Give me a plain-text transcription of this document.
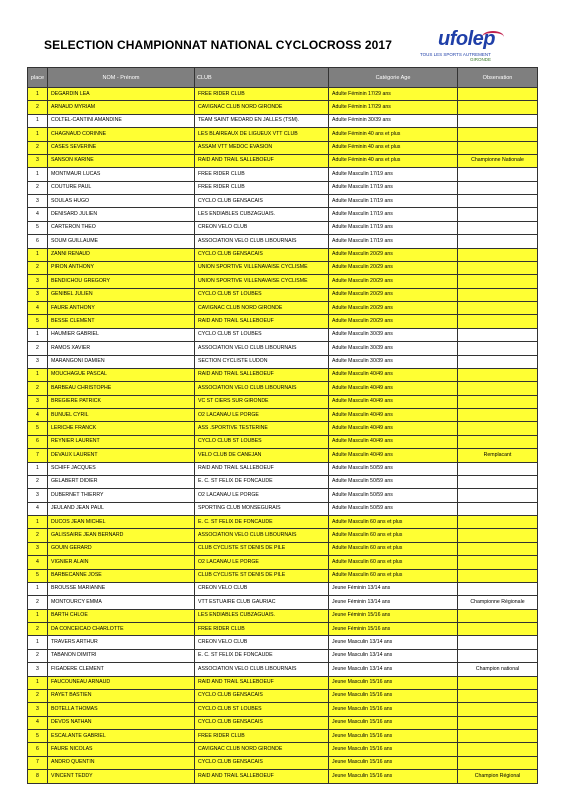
SELECTION CHAMPIONNAT NATIONAL CYCLOCROSS 2017	ufolep
TOUS LES SPORTS AUTREMENT
GIRONDE
place	NOM - Prénom	CLUB	Catégorie Age	Observation
1	DEGARDIN LEA	FREE RIDER CLUB	Adulte Féminin 17/29 ans	
2	ARNAUD MYRIAM	CAVIGNAC CLUB NORD GIRONDE	Adulte Féminin 17/29 ans	
1	COLTEL-CANTINI AMANDINE	TEAM SAINT MEDARD EN JALLES (TSM).	Adulte Féminin 30/39 ans	
1	CHAGNAUD CORINNE	LES BLAIREAUX DE LIGUEUX VTT CLUB	Adulte Féminin 40 ans et plus	
2	CASES SEVERINE	ASSAM VTT MEDOC EVASION	Adulte Féminin 40 ans et plus	
3	SANSON KARINE	RAID AND TRAIL SALLEBOEUF	Adulte Féminin 40 ans et plus	Championne Nationale
1	MONTMAUR LUCAS	FREE RIDER CLUB	Adulte Masculin 17/19 ans	
2	COUTURE PAUL	FREE RIDER CLUB	Adulte Masculin 17/19 ans	
3	SOULAS HUGO	CYCLO CLUB GENSACAIS	Adulte Masculin 17/19 ans	
4	DENISARD JULIEN	LES ENDIABLES CUBZAGUAIS.	Adulte Masculin 17/19 ans	
5	CARTERON THEO	CREON VELO CLUB	Adulte Masculin 17/19 ans	
6	SOUM GUILLAUME	ASSOCIATION VELO CLUB LIBOURNAIS	Adulte Masculin 17/19 ans	
1	ZANNI RENAUD	CYCLO CLUB GENSACAIS	Adulte Masculin 20/29 ans	
2	PIRON ANTHONY	UNION SPORTIVE VILLENAVAISE CYCLISME	Adulte Masculin 20/29 ans	
3	BENDICHOU GREGORY	UNION SPORTIVE VILLENAVAISE CYCLISME	Adulte Masculin 20/29 ans	
3	GENIBEL JULIEN	CYCLO CLUB ST LOUBES	Adulte Masculin 20/29 ans	
4	FAURE ANTHONY	CAVIGNAC CLUB NORD GIRONDE	Adulte Masculin 20/29 ans	
5	BESSE CLEMENT	RAID AND TRAIL SALLEBOEUF	Adulte Masculin 20/29 ans	
1	HAUMIER GABRIEL	CYCLO CLUB ST LOUBES	Adulte Masculin 30/39 ans	
2	RAMOS XAVIER	ASSOCIATION VELO CLUB LIBOURNAIS	Adulte Masculin 30/39 ans	
3	MARANGONI DAMIEN	SECTION CYCLISTE LUDON	Adulte Masculin 30/39 ans	
1	MOUCHAGUE PASCAL	RAID AND TRAIL SALLEBOEUF	Adulte Masculin 40/49 ans	
2	BARBEAU CHRISTOPHE	ASSOCIATION VELO CLUB LIBOURNAIS	Adulte Masculin 40/49 ans	
3	BREGIERE PATRICK	VC ST CIERS SUR GIRONDE	Adulte Masculin 40/49 ans	
4	BUNUEL CYRIL	O2 LACANAU LE PORGE	Adulte Masculin 40/49 ans	
5	LERICHE FRANCK	ASS .SPORTIVE TESTERINE	Adulte Masculin 40/49 ans	
6	REYNIER LAURENT	CYCLO CLUB ST LOUBES	Adulte Masculin 40/49 ans	
7	DEVAUX LAURENT	VELO CLUB DE CANEJAN	Adulte Masculin 40/49 ans	Remplacant
1	SCHIFF JACQUES	RAID AND TRAIL SALLEBOEUF	Adulte Masculin 50/59 ans	
2	GELABERT DIDIER	E. C. ST FELIX DE FONCAUDE	Adulte Masculin 50/59 ans	
3	DUBERNET THIERRY	O2 LACANAU LE PORGE	Adulte Masculin 50/59 ans	
4	JEULAND JEAN PAUL	SPORTING CLUB MONSEGURAIS	Adulte Masculin 50/59 ans	
1	DUCOS JEAN MICHEL	E. C. ST FELIX DE FONCAUDE	Adulte Masculin 60 ans et plus	
2	GALISSAIRE JEAN BERNARD	ASSOCIATION VELO CLUB LIBOURNAIS	Adulte Masculin 60 ans et plus	
3	GOUIN GERARD	CLUB CYCLISTE ST DENIS DE PILE	Adulte Masculin 60 ans et plus	
4	VIGNIER ALAIN	O2 LACANAU LE PORGE	Adulte Masculin 60 ans et plus	
5	BARBECANNE JOSE	CLUB CYCLISTE ST DENIS DE PILE	Adulte Masculin 60 ans et plus	
1	BROUSSE MARIANNE	CREON VELO CLUB	Jeune Féminin 13/14 ans	
2	MONTOURCY EMMA	VTT ESTUAIRE CLUB GAURIAC	Jeune Féminin 13/14 ans	Championne Régionale
1	BARTH CHLOE	LES ENDIABLES CUBZAGUAIS.	Jeune Féminin 15/16 ans	
2	DA CONCEICAO CHARLOTTE	FREE RIDER CLUB	Jeune Féminin 15/16 ans	
1	TRAVERS ARTHUR	CREON VELO CLUB	Jeune Masculin 13/14 ans	
2	TABANON DIMITRI	E. C. ST FELIX DE FONCAUDE	Jeune Masculin 13/14 ans	
3	FIGADERE CLEMENT	ASSOCIATION VELO CLUB LIBOURNAIS	Jeune Masculin 13/14 ans	Champion national
1	FAUCOUNEAU ARNAUD	RAID AND TRAIL SALLEBOEUF	Jeune Masculin 15/16 ans	
2	RAYET BASTIEN	CYCLO CLUB GENSACAIS	Jeune Masculin 15/16 ans	
3	BOTELLA THOMAS	CYCLO CLUB ST LOUBES	Jeune Masculin 15/16 ans	
4	DEVOS NATHAN	CYCLO CLUB GENSACAIS	Jeune Masculin 15/16 ans	
5	ESCALANTE GABRIEL	FREE RIDER CLUB	Jeune Masculin 15/16 ans	
6	FAURE NICOLAS	CAVIGNAC CLUB NORD GIRONDE	Jeune Masculin 15/16 ans	
7	ANDRO QUENTIN	CYCLO CLUB GENSACAIS	Jeune Masculin 15/16 ans	
8	VINCENT TEDDY	RAID AND TRAIL SALLEBOEUF	Jeune Masculin 15/16 ans	Champion Régional
